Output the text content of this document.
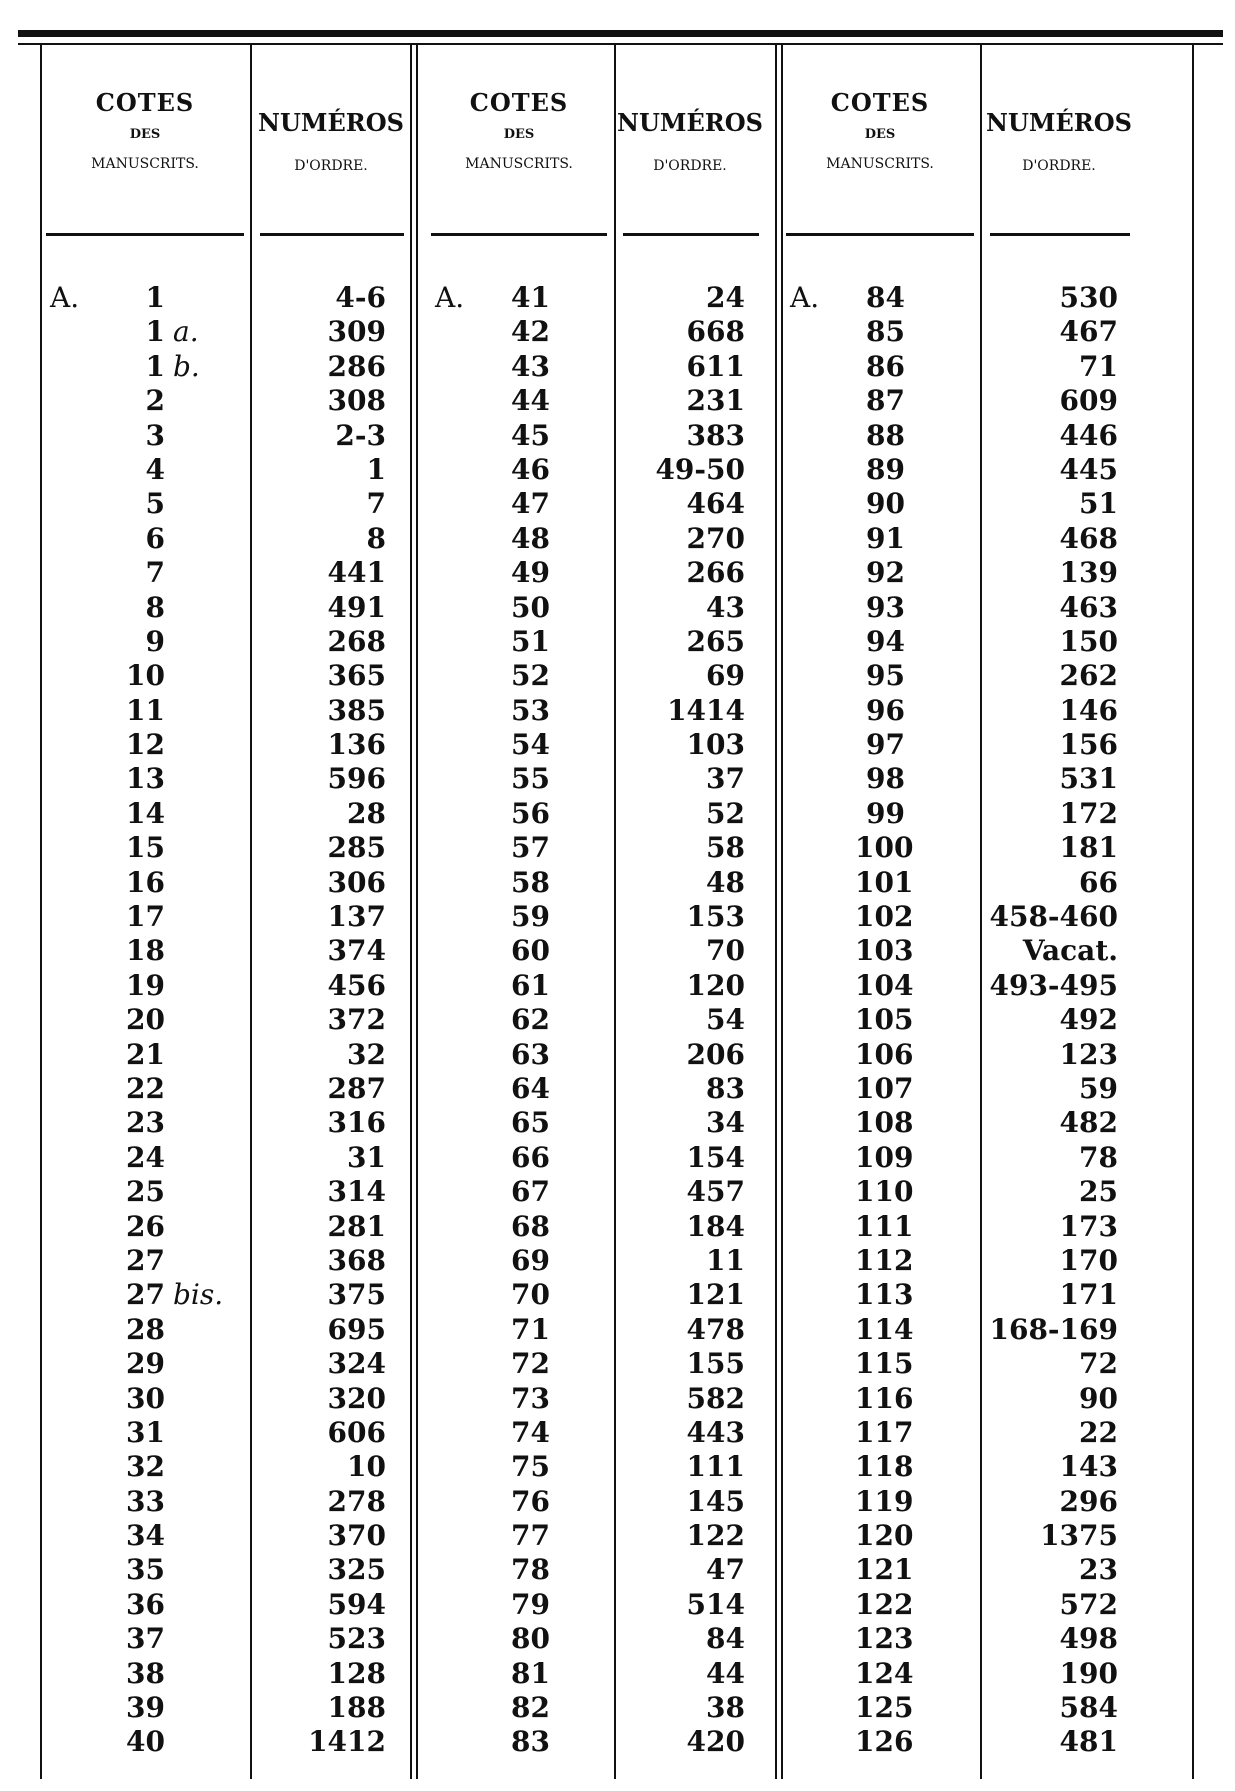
COTES
DES
MANUSCRITS.
NUMÉROS
D'ORDRE.
A.	1	4-6
1 a.	309
1 b.	286
2	308
3	2-3
4	1
5	7
6	8
7	441
8	491
9	268
10	365
11	385
12	136
13	596
14	28
15	285
16	306
17	137
18	374
19	456
20	372
21	32
22	287
23	316
24	31
25	314
26	281
27	368
27 bis.	375
28	695
29	324
30	320
31	606
32	10
33	278
34	370
35	325
36	594
37	523
38	128
39	188
40	1412
COTES
DES
MANUSCRITS.
NUMÉROS
D'ORDRE.
A.	41	24
42	668
43	611
44	231
45	383
46	49-50
47	464
48	270
49	266
50	43
51	265
52	69
53	1414
54	103
55	37
56	52
57	58
58	48
59	153
60	70
61	120
62	54
63	206
64	83
65	34
66	154
67	457
68	184
69	11
70	121
71	478
72	155
73	582
74	443
75	111
76	145
77	122
78	47
79	514
80	84
81	44
82	38
83	420
COTES
DES
MANUSCRITS.
NUMÉROS
D'ORDRE.
A.	84	530
85	467
86	71
87	609
88	446
89	445
90	51
91	468
92	139
93	463
94	150
95	262
96	146
97	156
98	531
99	172
100	181
101	66
102	458-460
103	Vacat.
104	493-495
105	492
106	123
107	59
108	482
109	78
110	25
111	173
112	170
113	171
114	168-169
115	72
116	90
117	22
118	143
119	296
120	1375
121	23
122	572
123	498
124	190
125	584
126	481
